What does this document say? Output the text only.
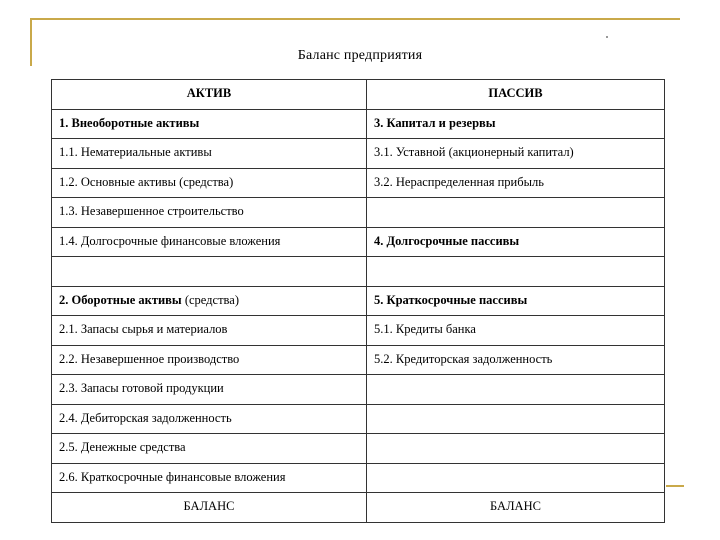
Баланс предприятия
АКТИВ	ПАССИВ
1. Внеоборотные активы	3. Капитал и резервы
1.1. Нематериальные активы	3.1. Уставной (акционерный капитал)
1.2. Основные активы (средства)	3.2. Нераспределенная прибыль
1.3. Незавершенное строительство	
1.4. Долгосрочные финансовые вложения	4. Долгосрочные пассивы

2. Оборотные активы (средства)	5. Краткосрочные пассивы
2.1. Запасы сырья и материалов	5.1. Кредиты банка
2.2. Незавершенное производство	5.2. Кредиторская задолженность
2.3. Запасы готовой продукции	
2.4. Дебиторская задолженность	
2.5. Денежные средства	
2.6. Краткосрочные финансовые вложения	
БАЛАНС	БАЛАНС
